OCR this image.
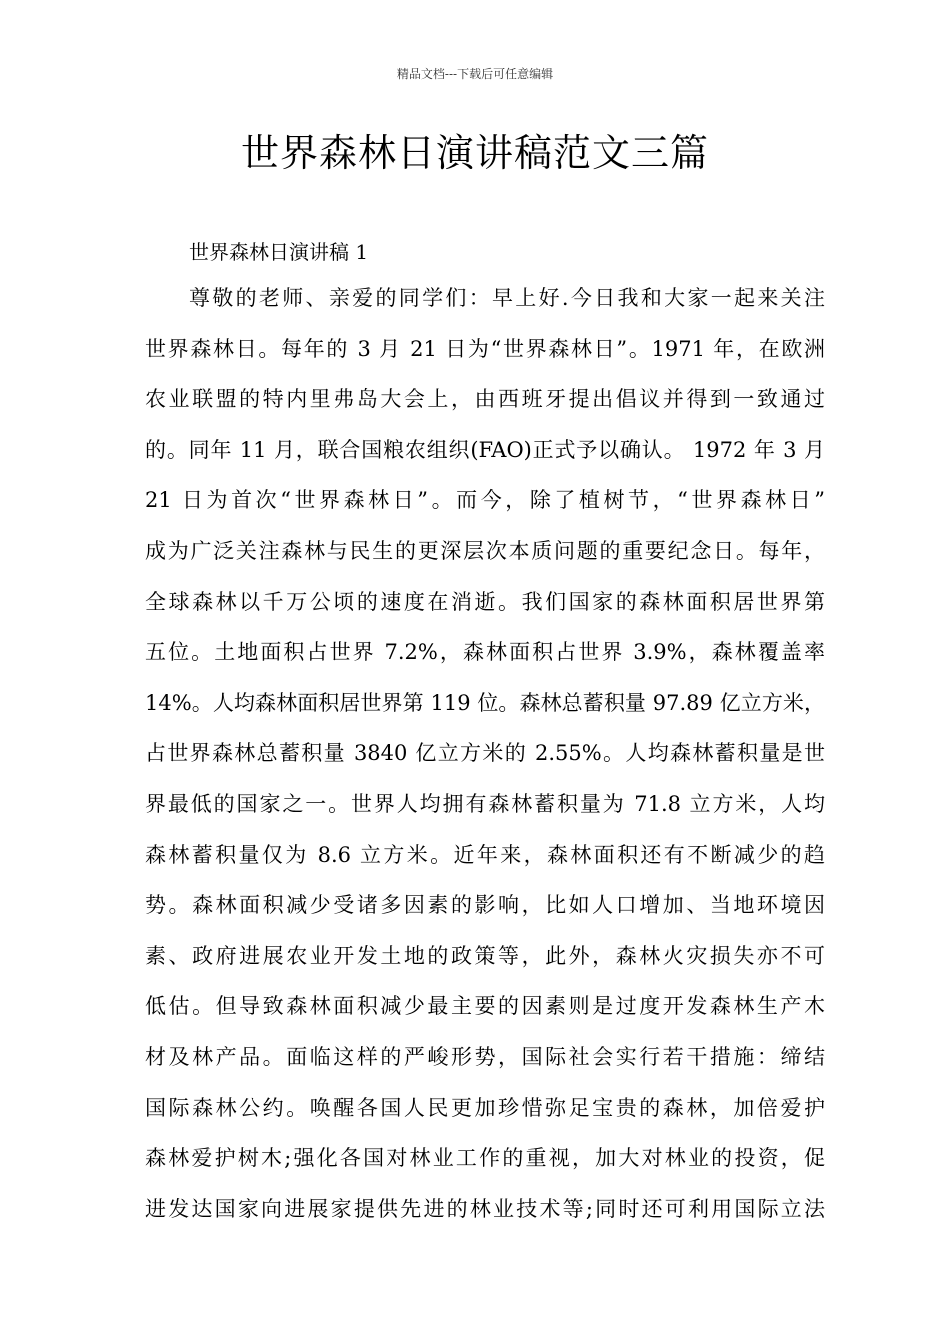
精品文档---下载后可任意编辑
世界森林日演讲稿范文三篇
世界森林日演讲稿 1
尊敬的老师、亲爱的同学们：早上好.今日我和大家一起来关注
世界森林日。每年的 3 月 21 日为“世界森林日”。1971 年，在欧洲
农业联盟的特内里弗岛大会上，由西班牙提出倡议并得到一致通过
的。同年 11 月，联合国粮农组织(FAO)正式予以确认。 1972 年 3 月
21 日为首次“世界森林日”。而今，除了植树节，“世界森林日”
成为广泛关注森林与民生的更深层次本质问题的重要纪念日。每年，
全球森林以千万公顷的速度在消逝。我们国家的森林面积居世界第
五位。土地面积占世界 7.2%，森林面积占世界 3.9%，森林覆盖率
14%。人均森林面积居世界第 119 位。森林总蓄积量 97.89 亿立方米，
占世界森林总蓄积量 3840 亿立方米的 2.55%。人均森林蓄积量是世
界最低的国家之一。世界人均拥有森林蓄积量为 71.8 立方米，人均
森林蓄积量仅为 8.6 立方米。近年来，森林面积还有不断减少的趋
势。森林面积减少受诸多因素的影响，比如人口增加、当地环境因
素、政府进展农业开发土地的政策等，此外，森林火灾损失亦不可
低估。但导致森林面积减少最主要的因素则是过度开发森林生产木
材及林产品。面临这样的严峻形势，国际社会实行若干措施：缔结
国际森林公约。唤醒各国人民更加珍惜弥足宝贵的森林，加倍爱护
森林爱护树木;强化各国对林业工作的重视，加大对林业的投资，促
进发达国家向进展家提供先进的林业技术等;同时还可利用国际立法
